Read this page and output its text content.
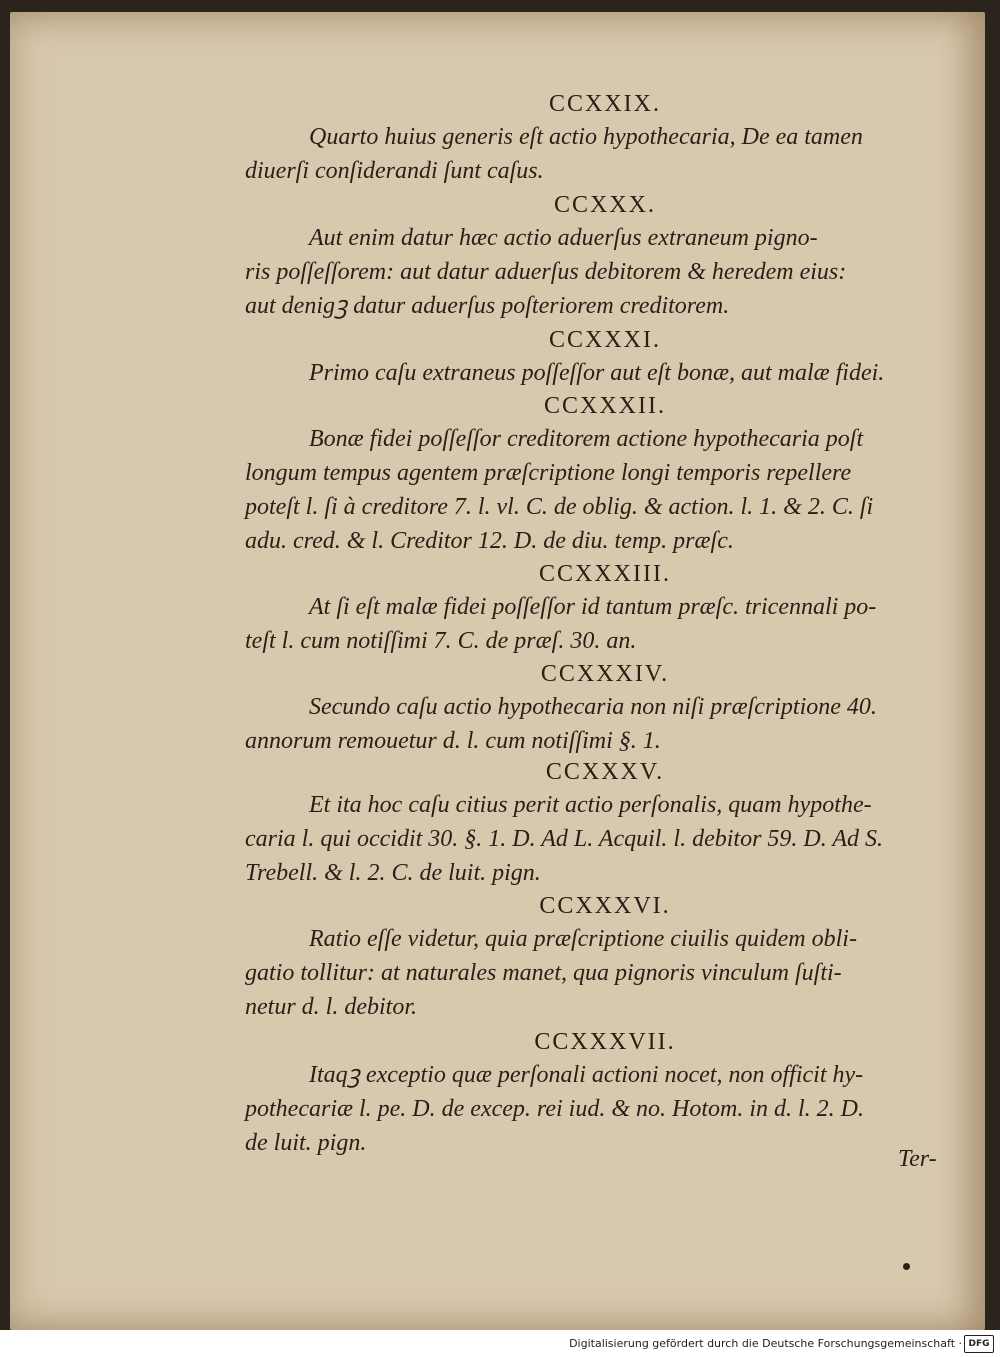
CCXXIX.

Quarto huius generis eſt actio hypothecaria, De ea tamen

diuerſi conſiderandi ſunt caſus.

CCXXX.

Aut enim datur hæc actio aduerſus extraneum pigno-

ris poſſeſſorem: aut datur aduerſus debitorem & heredem eius:

aut denigꝫ datur aduerſus poſteriorem creditorem.

CCXXXI.

Primo caſu extraneus poſſeſſor aut eſt bonæ, aut malæ fidei.

CCXXXII.

Bonæ fidei poſſeſſor creditorem actione hypothecaria poſt

longum tempus agentem præſcriptione longi temporis repellere

poteſt l. ſi à creditore 7. l. vl. C. de oblig. & action. l. 1. & 2. C. ſi

adu. cred. & l. Creditor 12. D. de diu. temp. præſc.

CCXXXIII.

At ſi eſt malæ fidei poſſeſſor id tantum præſc. tricennali po-

teſt l. cum notiſſimi 7. C. de præſ. 30. an.

CCXXXIV.

Secundo caſu actio hypothecaria non niſi præſcriptione 40.

annorum remouetur d. l. cum notiſſimi §. 1.

CCXXXV.

Et ita hoc caſu citius perit actio perſonalis, quam hypothe-

caria l. qui occidit 30. §. 1. D. Ad L. Acquil. l. debitor 59. D. Ad S.

Trebell. & l. 2. C. de luit. pign.

CCXXXVI.

Ratio eſſe videtur, quia præſcriptione ciuilis quidem obli-

gatio tollitur: at naturales manet, qua pignoris vinculum ſuſti-

netur d. l. debitor.

CCXXXVII.

Itaqꝫ exceptio quæ perſonali actioni nocet, non officit hy-

pothecariæ l. pe. D. de excep. rei iud. & no. Hotom. in d. l. 2. D.

de luit. pign.

Ter-
Digitalisierung gefördert durch die Deutsche Forschungsgemeinschaft · DFG
